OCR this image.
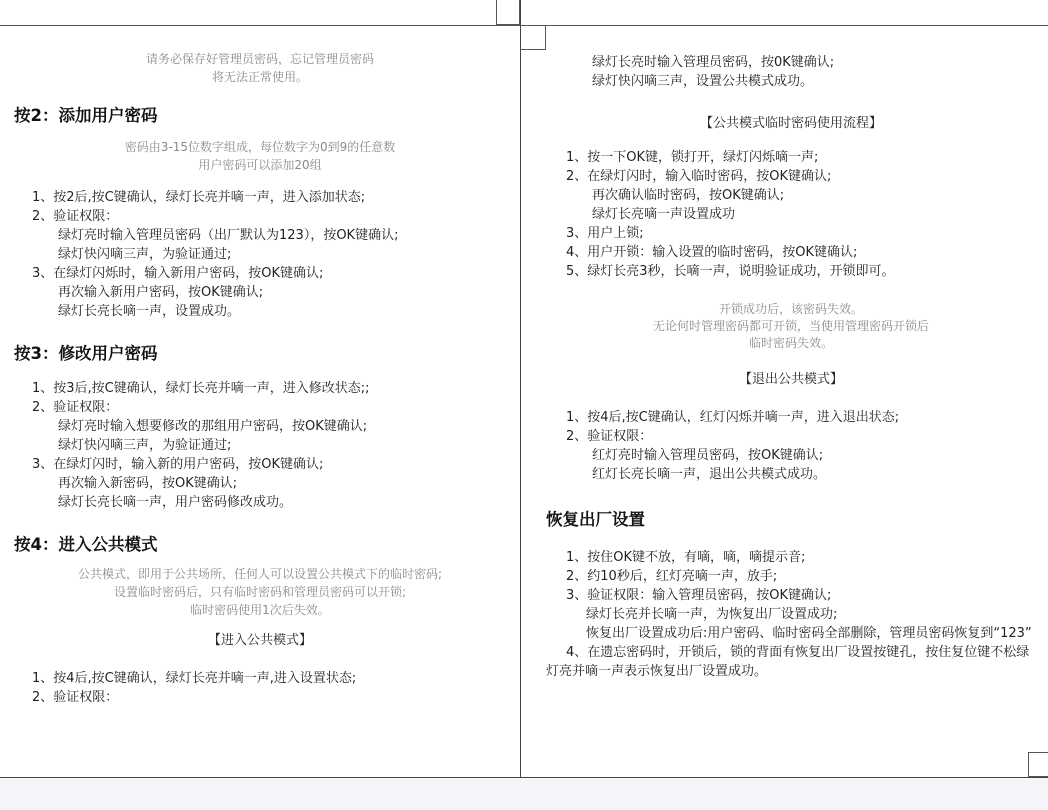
请务必保存好管理员密码，忘记管理员密码

将无法正常使用。

按2：添加用户密码

密码由3-15位数字组成，每位数字为0到9的任意数

用户密码可以添加20组

1、按2后,按C键确认，绿灯长亮并嘀一声，进入添加状态;

2、验证权限：

绿灯亮时输入管理员密码（出厂默认为123），按OK键确认;

绿灯快闪嘀三声，为验证通过;

3、在绿灯闪烁时，输入新用户密码，按OK键确认;

再次输入新用户密码，按OK键确认;

绿灯长亮长嘀一声，设置成功。

按3：修改用户密码

1、按3后,按C键确认，绿灯长亮并嘀一声，进入修改状态;;

2、验证权限：

绿灯亮时输入想要修改的那组用户密码，按OK键确认;

绿灯快闪嘀三声，为验证通过;

3、在绿灯闪时，输入新的用户密码，按OK键确认;

再次输入新密码，按OK键确认;

绿灯长亮长嘀一声，用户密码修改成功。

按4：进入公共模式

公共模式，即用于公共场所，任何人可以设置公共模式下的临时密码;

设置临时密码后，只有临时密码和管理员密码可以开锁;

临时密码使用1次后失效。

【进入公共模式】

1、按4后,按C键确认，绿灯长亮并嘀一声,进入设置状态;

2、验证权限：

绿灯长亮时输入管理员密码，按0K键确认;

绿灯快闪嘀三声，设置公共模式成功。

【公共模式临时密码使用流程】

1、按一下OK键，锁打开，绿灯闪烁嘀一声;

2、在绿灯闪时，输入临时密码，按OK键确认;

再次确认临时密码，按OK键确认;

绿灯长亮嘀一声设置成功

3、用户上锁;

4、用户开锁：输入设置的临时密码，按OK键确认;

5、绿灯长亮3秒，长嘀一声，说明验证成功，开锁即可。

开锁成功后，该密码失效。

无论何时管理密码都可开锁，当使用管理密码开锁后

临时密码失效。

【退出公共模式】

1、按4后,按C键确认，红灯闪烁并嘀一声，进入退出状态;

2、验证权限：

红灯亮时输入管理员密码，按OK键确认;

红灯长亮长嘀一声，退出公共模式成功。

恢复出厂设置

1、按住OK键不放，有嘀，嘀，嘀提示音;

2、约10秒后，红灯亮嘀一声，放手;

3、验证权限：输入管理员密码，按OK键确认;

绿灯长亮并长嘀一声，为恢复出厂设置成功;

恢复出厂设置成功后:用户密码、临时密码全部删除，管理员密码恢复到“123”

4、在遗忘密码时，开锁后，锁的背面有恢复出厂设置按键孔，按住复位键不松绿灯亮并嘀一声表示恢复出厂设置成功。
